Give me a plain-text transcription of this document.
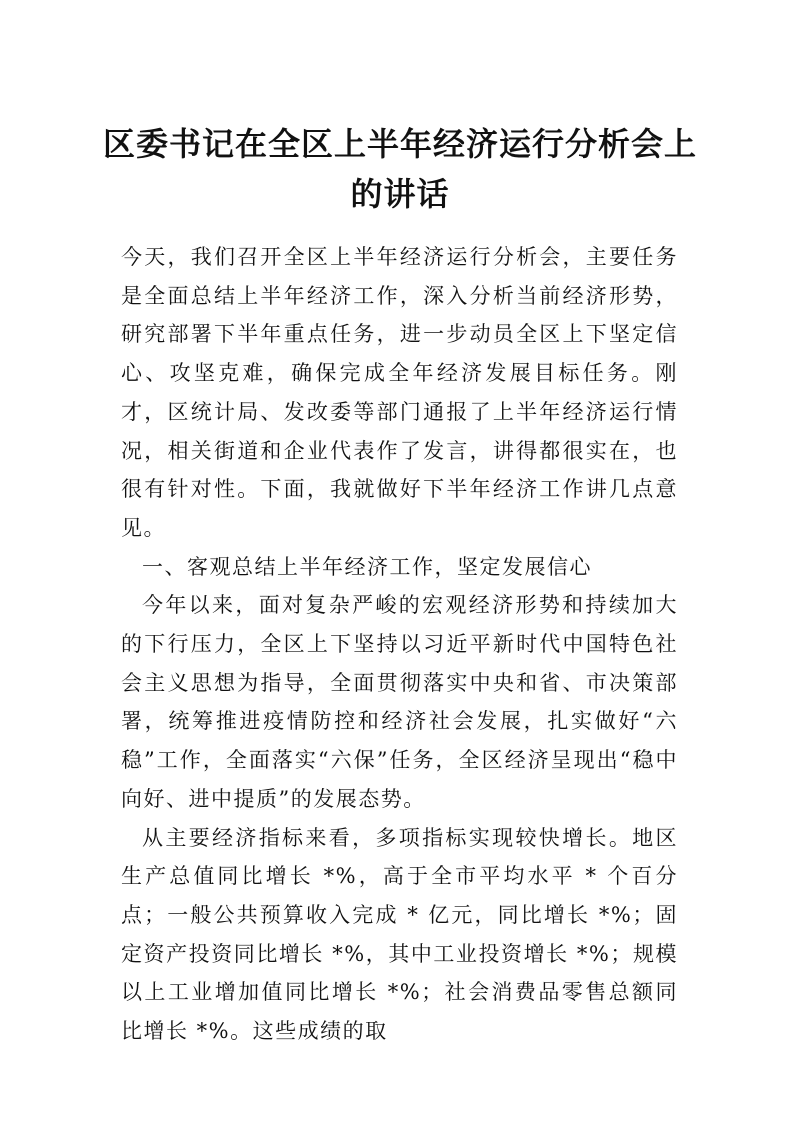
区委书记在全区上半年经济运行分析会上
的讲话

今天，我们召开全区上半年经济运行分析会，主要任务是全面总结上半年经济工作，深入分析当前经济形势，研究部署下半年重点任务，进一步动员全区上下坚定信心、攻坚克难，确保完成全年经济发展目标任务。刚才，区统计局、发改委等部门通报了上半年经济运行情况，相关街道和企业代表作了发言，讲得都很实在，也很有针对性。下面，我就做好下半年经济工作讲几点意见。

一、客观总结上半年经济工作，坚定发展信心

今年以来，面对复杂严峻的宏观经济形势和持续加大的下行压力，全区上下坚持以习近平新时代中国特色社会主义思想为指导，全面贯彻落实中央和省、市决策部署，统筹推进疫情防控和经济社会发展，扎实做好“六稳”工作，全面落实“六保”任务，全区经济呈现出“稳中向好、进中提质”的发展态势。

从主要经济指标来看，多项指标实现较快增长。地区生产总值同比增长 *%，高于全市平均水平 * 个百分点；一般公共预算收入完成 * 亿元，同比增长 *%；固定资产投资同比增长 *%，其中工业投资增长 *%；规模以上工业增加值同比增长 *%；社会消费品零售总额同比增长 *%。这些成绩的取
